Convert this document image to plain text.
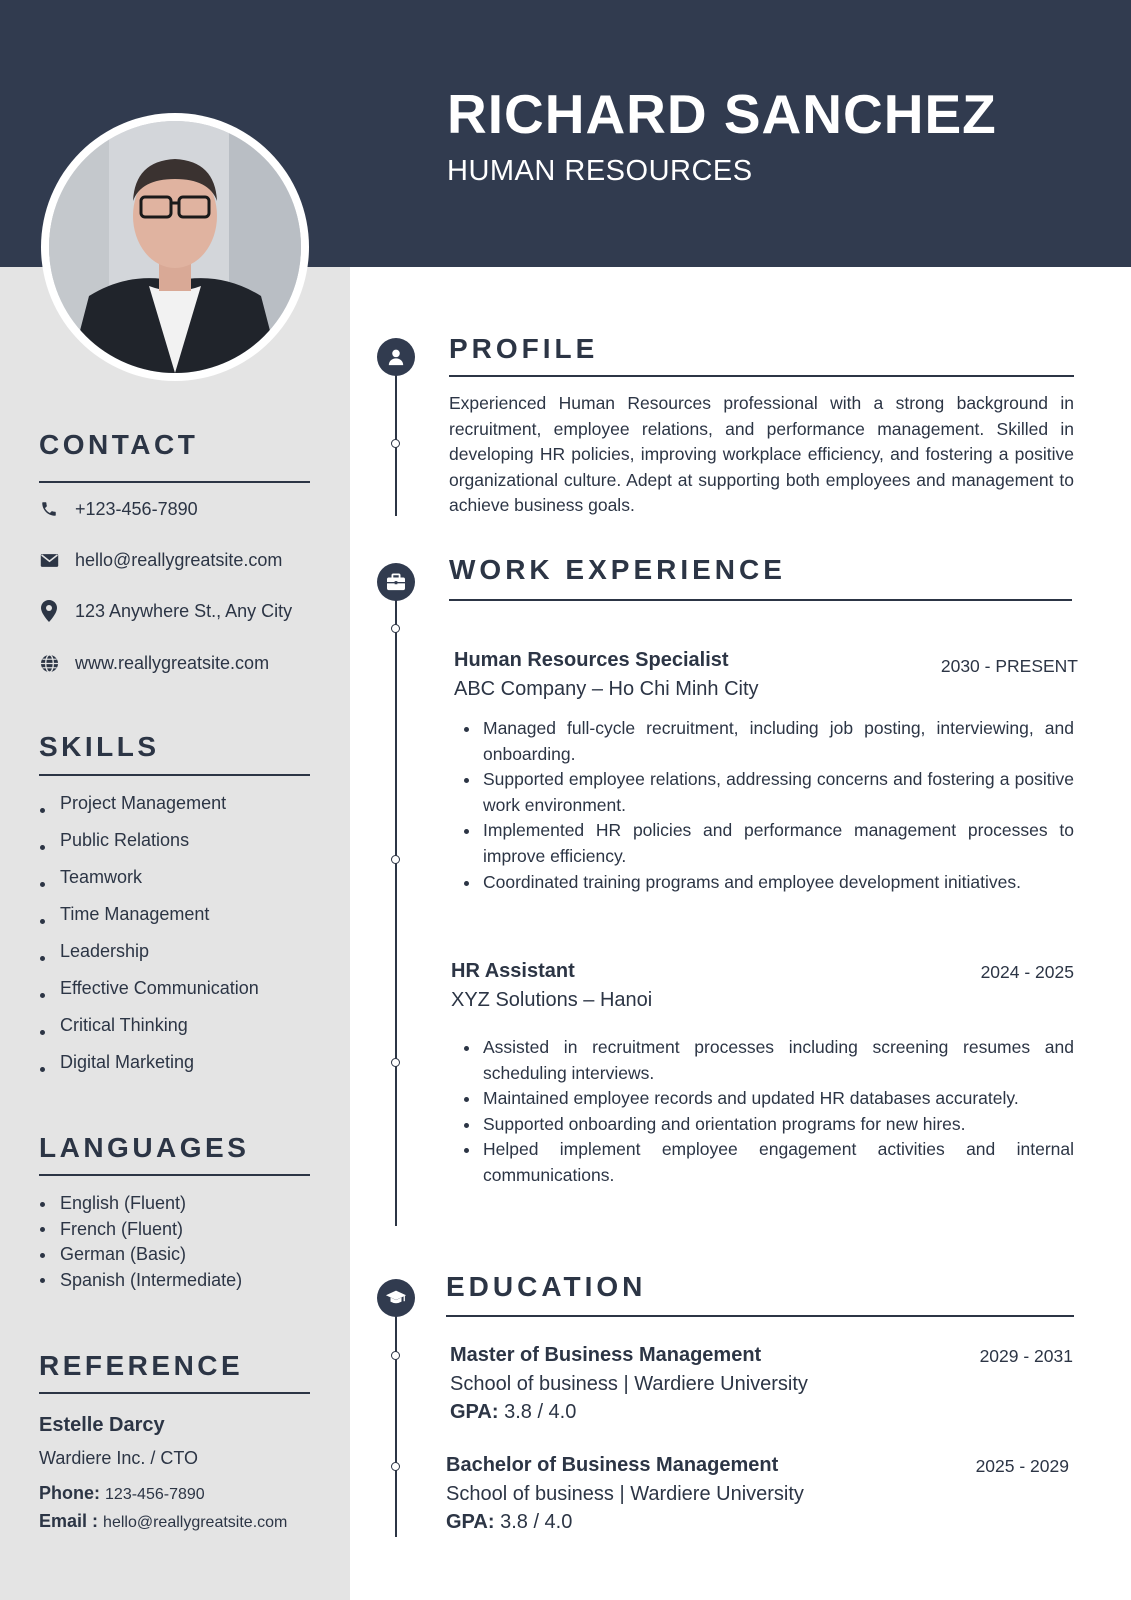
RICHARD SANCHEZ
HUMAN RESOURCES
CONTACT
+123-456-7890
hello@reallygreatsite.com
123 Anywhere St., Any City
www.reallygreatsite.com
SKILLS
Project Management
Public Relations
Teamwork
Time Management
Leadership
Effective Communication
Critical Thinking
Digital Marketing
LANGUAGES
English (Fluent)
French (Fluent)
German (Basic)
Spanish (Intermediate)
REFERENCE
Estelle Darcy
Wardiere Inc. / CTO
Phone: 123-456-7890
Email : hello@reallygreatsite.com
PROFILE

Experienced Human Resources professional with a strong background in recruitment, employee relations, and performance management. Skilled in developing HR policies, improving workplace efficiency, and fostering a positive organizational culture. Adept at supporting both employees and management to achieve business goals.

WORK EXPERIENCE
Human Resources Specialist	2030 - PRESENT
ABC Company – Ho Chi Minh City
Managed full-cycle recruitment, including job posting, interviewing, and onboarding.
Supported employee relations, addressing concerns and fostering a positive work environment.
Implemented HR policies and performance management processes to improve efficiency.
Coordinated training programs and employee development initiatives.
HR Assistant	2024 - 2025
XYZ Solutions – Hanoi
Assisted in recruitment processes including screening resumes and scheduling interviews.
Maintained employee records and updated HR databases accurately.
Supported onboarding and orientation programs for new hires.
Helped implement employee engagement activities and internal communications.
EDUCATION
Master of Business Management	2029 - 2031
School of business | Wardiere University
GPA: 3.8 / 4.0
Bachelor of Business Management	2025 - 2029
School of business | Wardiere University
GPA: 3.8 / 4.0
